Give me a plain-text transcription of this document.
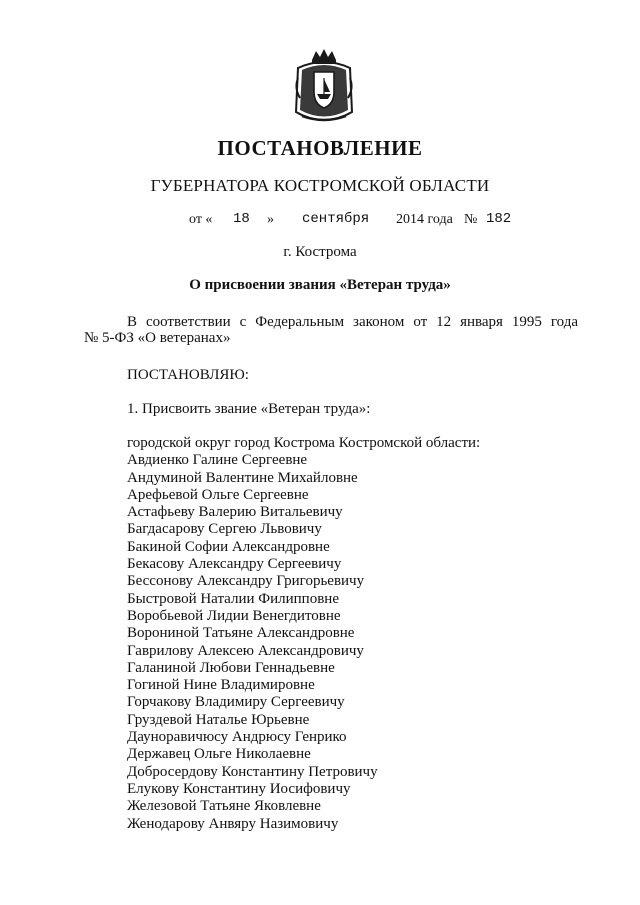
ПОСТАНОВЛЕНИЕ
ГУБЕРНАТОРА КОСТРОМСКОЙ ОБЛАСТИ
от « 18 » сентября 2014 года № 182
г. Кострома
О присвоении звания «Ветеран труда»
В соответствии с Федеральным законом от 12 января 1995 года
№ 5-ФЗ «О ветеранах»
ПОСТАНОВЛЯЮ:
1. Присвоить звание «Ветеран труда»:
городской округ город Кострома Костромской области:
Авдиенко Галине Сергеевне
Андуминой Валентине Михайловне
Арефьевой Ольге Сергеевне
Астафьеву Валерию Витальевичу
Багдасарову Сергею Львовичу
Бакиной Софии Александровне
Бекасову Александру Сергеевичу
Бессонову Александру Григорьевичу
Быстровой Наталии Филипповне
Воробьевой Лидии Венегдитовне
Ворониной Татьяне Александровне
Гаврилову Алексею Александровичу
Галаниной Любови Геннадьевне
Гогиной Нине Владимировне
Горчакову Владимиру Сергеевичу
Груздевой Наталье Юрьевне
Дауноравичюсу Андрюсу Генрико
Державец Ольге Николаевне
Добросердову Константину Петровичу
Елукову Константину Иосифовичу
Железовой Татьяне Яковлевне
Женодарову Анвяру Назимовичу
